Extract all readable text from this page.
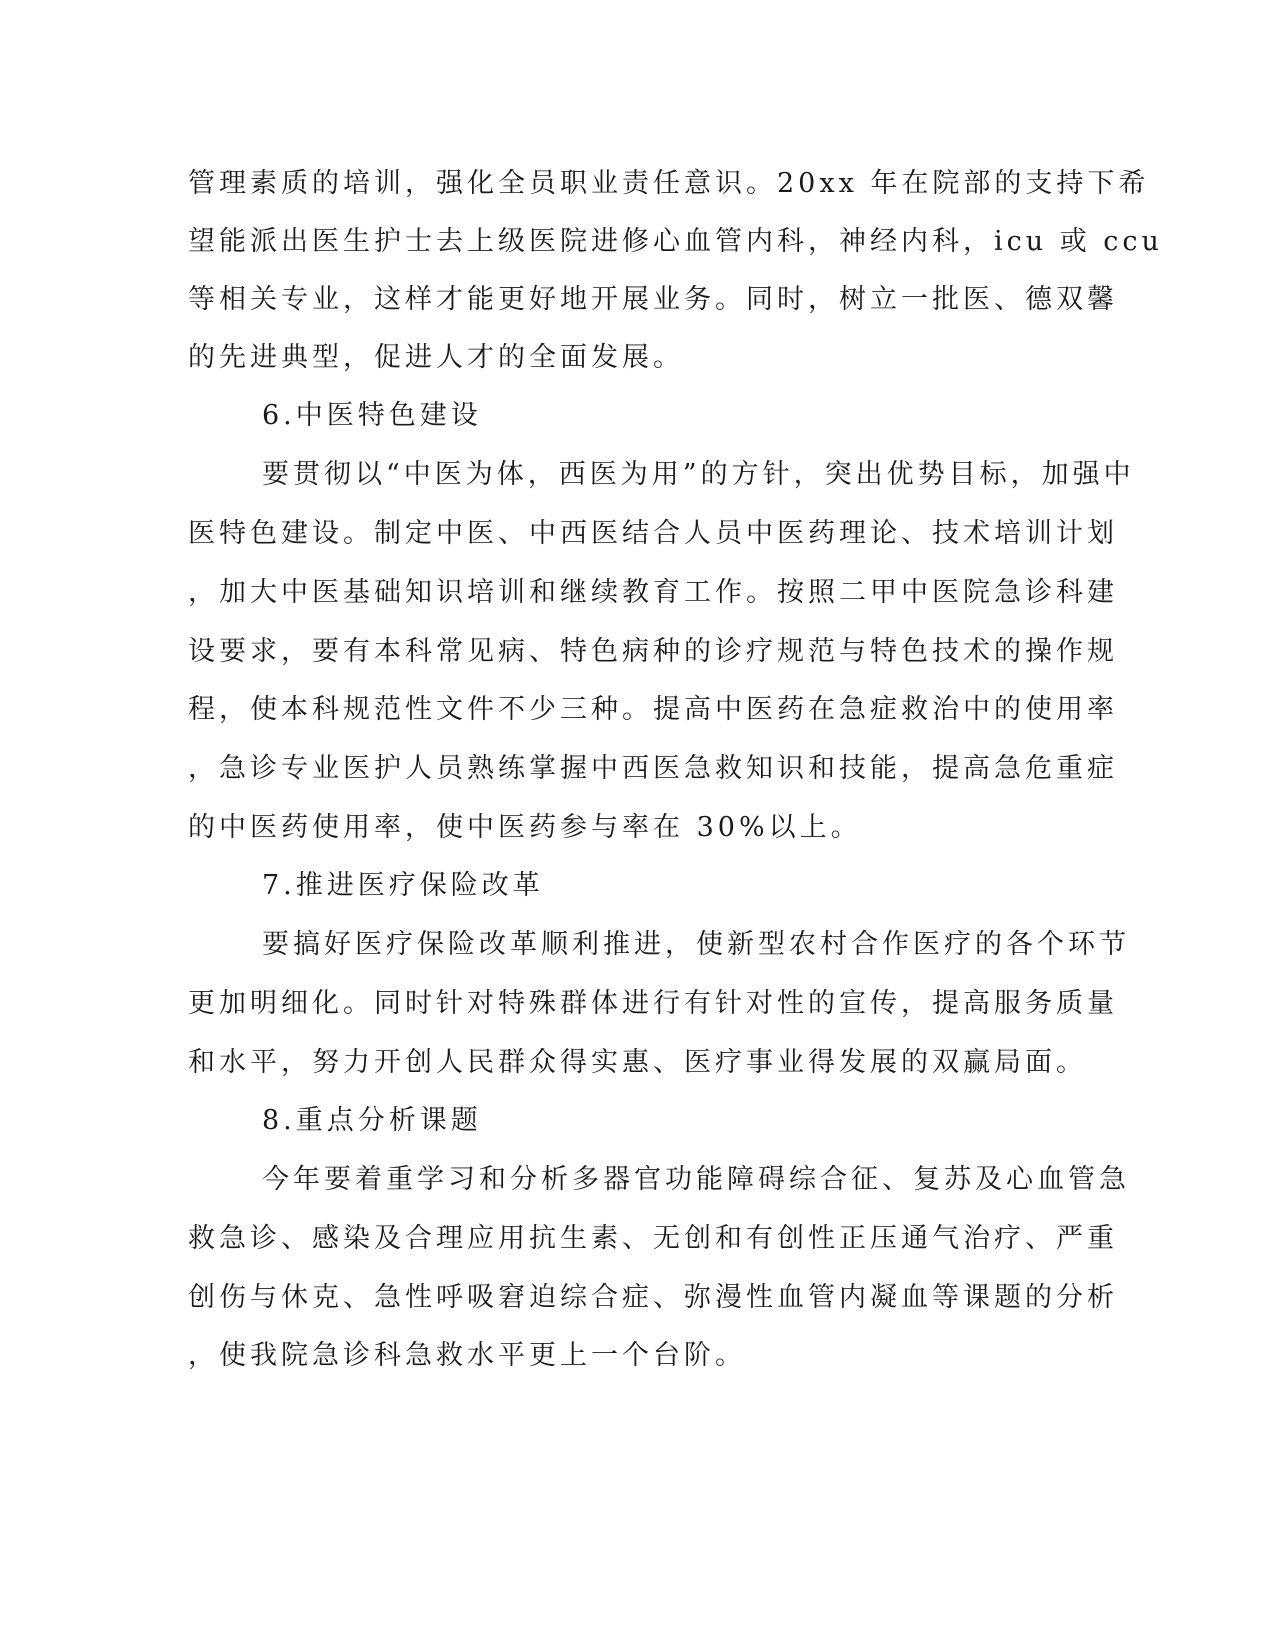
管理素质的培训，强化全员职业责任意识。20xx 年在院部的支持下希
望能派出医生护士去上级医院进修心血管内科，神经内科，icu 或 ccu
等相关专业，这样才能更好地开展业务。同时，树立一批医、德双馨
的先进典型，促进人才的全面发展。
6.中医特色建设
要贯彻以“中医为体，西医为用”的方针，突出优势目标，加强中
医特色建设。制定中医、中西医结合人员中医药理论、技术培训计划
，加大中医基础知识培训和继续教育工作。按照二甲中医院急诊科建
设要求，要有本科常见病、特色病种的诊疗规范与特色技术的操作规
程，使本科规范性文件不少三种。提高中医药在急症救治中的使用率
，急诊专业医护人员熟练掌握中西医急救知识和技能，提高急危重症
的中医药使用率，使中医药参与率在 30%以上。
7.推进医疗保险改革
要搞好医疗保险改革顺利推进，使新型农村合作医疗的各个环节
更加明细化。同时针对特殊群体进行有针对性的宣传，提高服务质量
和水平，努力开创人民群众得实惠、医疗事业得发展的双赢局面。
8.重点分析课题
今年要着重学习和分析多器官功能障碍综合征、复苏及心血管急
救急诊、感染及合理应用抗生素、无创和有创性正压通气治疗、严重
创伤与休克、急性呼吸窘迫综合症、弥漫性血管内凝血等课题的分析
，使我院急诊科急救水平更上一个台阶。
